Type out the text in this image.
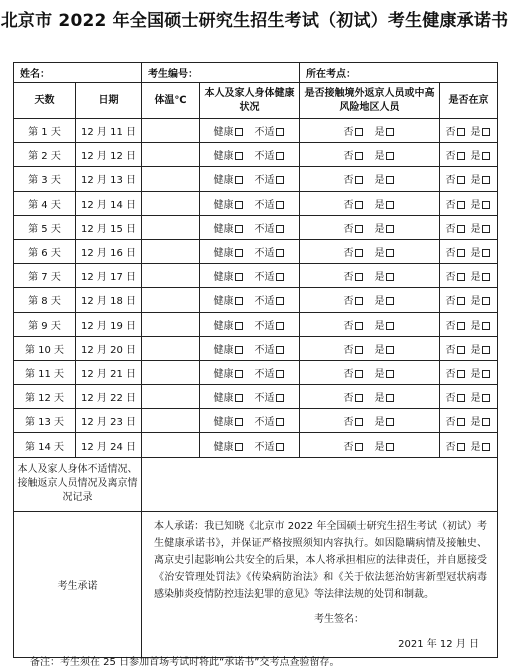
北京市 2022 年全国硕士研究生招生考试（初试）考生健康承诺书
姓名：		考生编号：		所在考点：	
天数	日期	体温℃	本人及家人身体健康状况	是否接触境外返京人员或中高风险地区人员	是否在京
第 1 天	12 月 11 日		健康 不适	否 是	否 是
第 2 天	12 月 12 日		健康 不适	否 是	否 是
第 3 天	12 月 13 日		健康 不适	否 是	否 是
第 4 天	12 月 14 日		健康 不适	否 是	否 是
第 5 天	12 月 15 日		健康 不适	否 是	否 是
第 6 天	12 月 16 日		健康 不适	否 是	否 是
第 7 天	12 月 17 日		健康 不适	否 是	否 是
第 8 天	12 月 18 日		健康 不适	否 是	否 是
第 9 天	12 月 19 日		健康 不适	否 是	否 是
第 10 天	12 月 20 日		健康 不适	否 是	否 是
第 11 天	12 月 21 日		健康 不适	否 是	否 是
第 12 天	12 月 22 日		健康 不适	否 是	否 是
第 13 天	12 月 23 日		健康 不适	否 是	否 是
第 14 天	12 月 24 日		健康 不适	否 是	否 是
本人及家人身体不适情况、接触返京人员情况及离京情况记录					
考生承诺		本人承诺：我已知晓《北京市 2022 年全国硕士研究生招生考试（初试）考生健康承诺书》，并保证严格按照须知内容执行。如因隐瞒病情及接触史、离京史引起影响公共安全的后果，本人将承担相应的法律责任，并自愿接受《治安管理处罚法》《传染病防治法》和《关于依法惩治妨害新型冠状病毒感染肺炎疫情防控违法犯罪的意见》等法律法规的处罚和制裁。
考生签名：
2021 年 12 月 日			
备注：考生须在 25 日参加首场考试时将此“承诺书”交考点查验留存。
